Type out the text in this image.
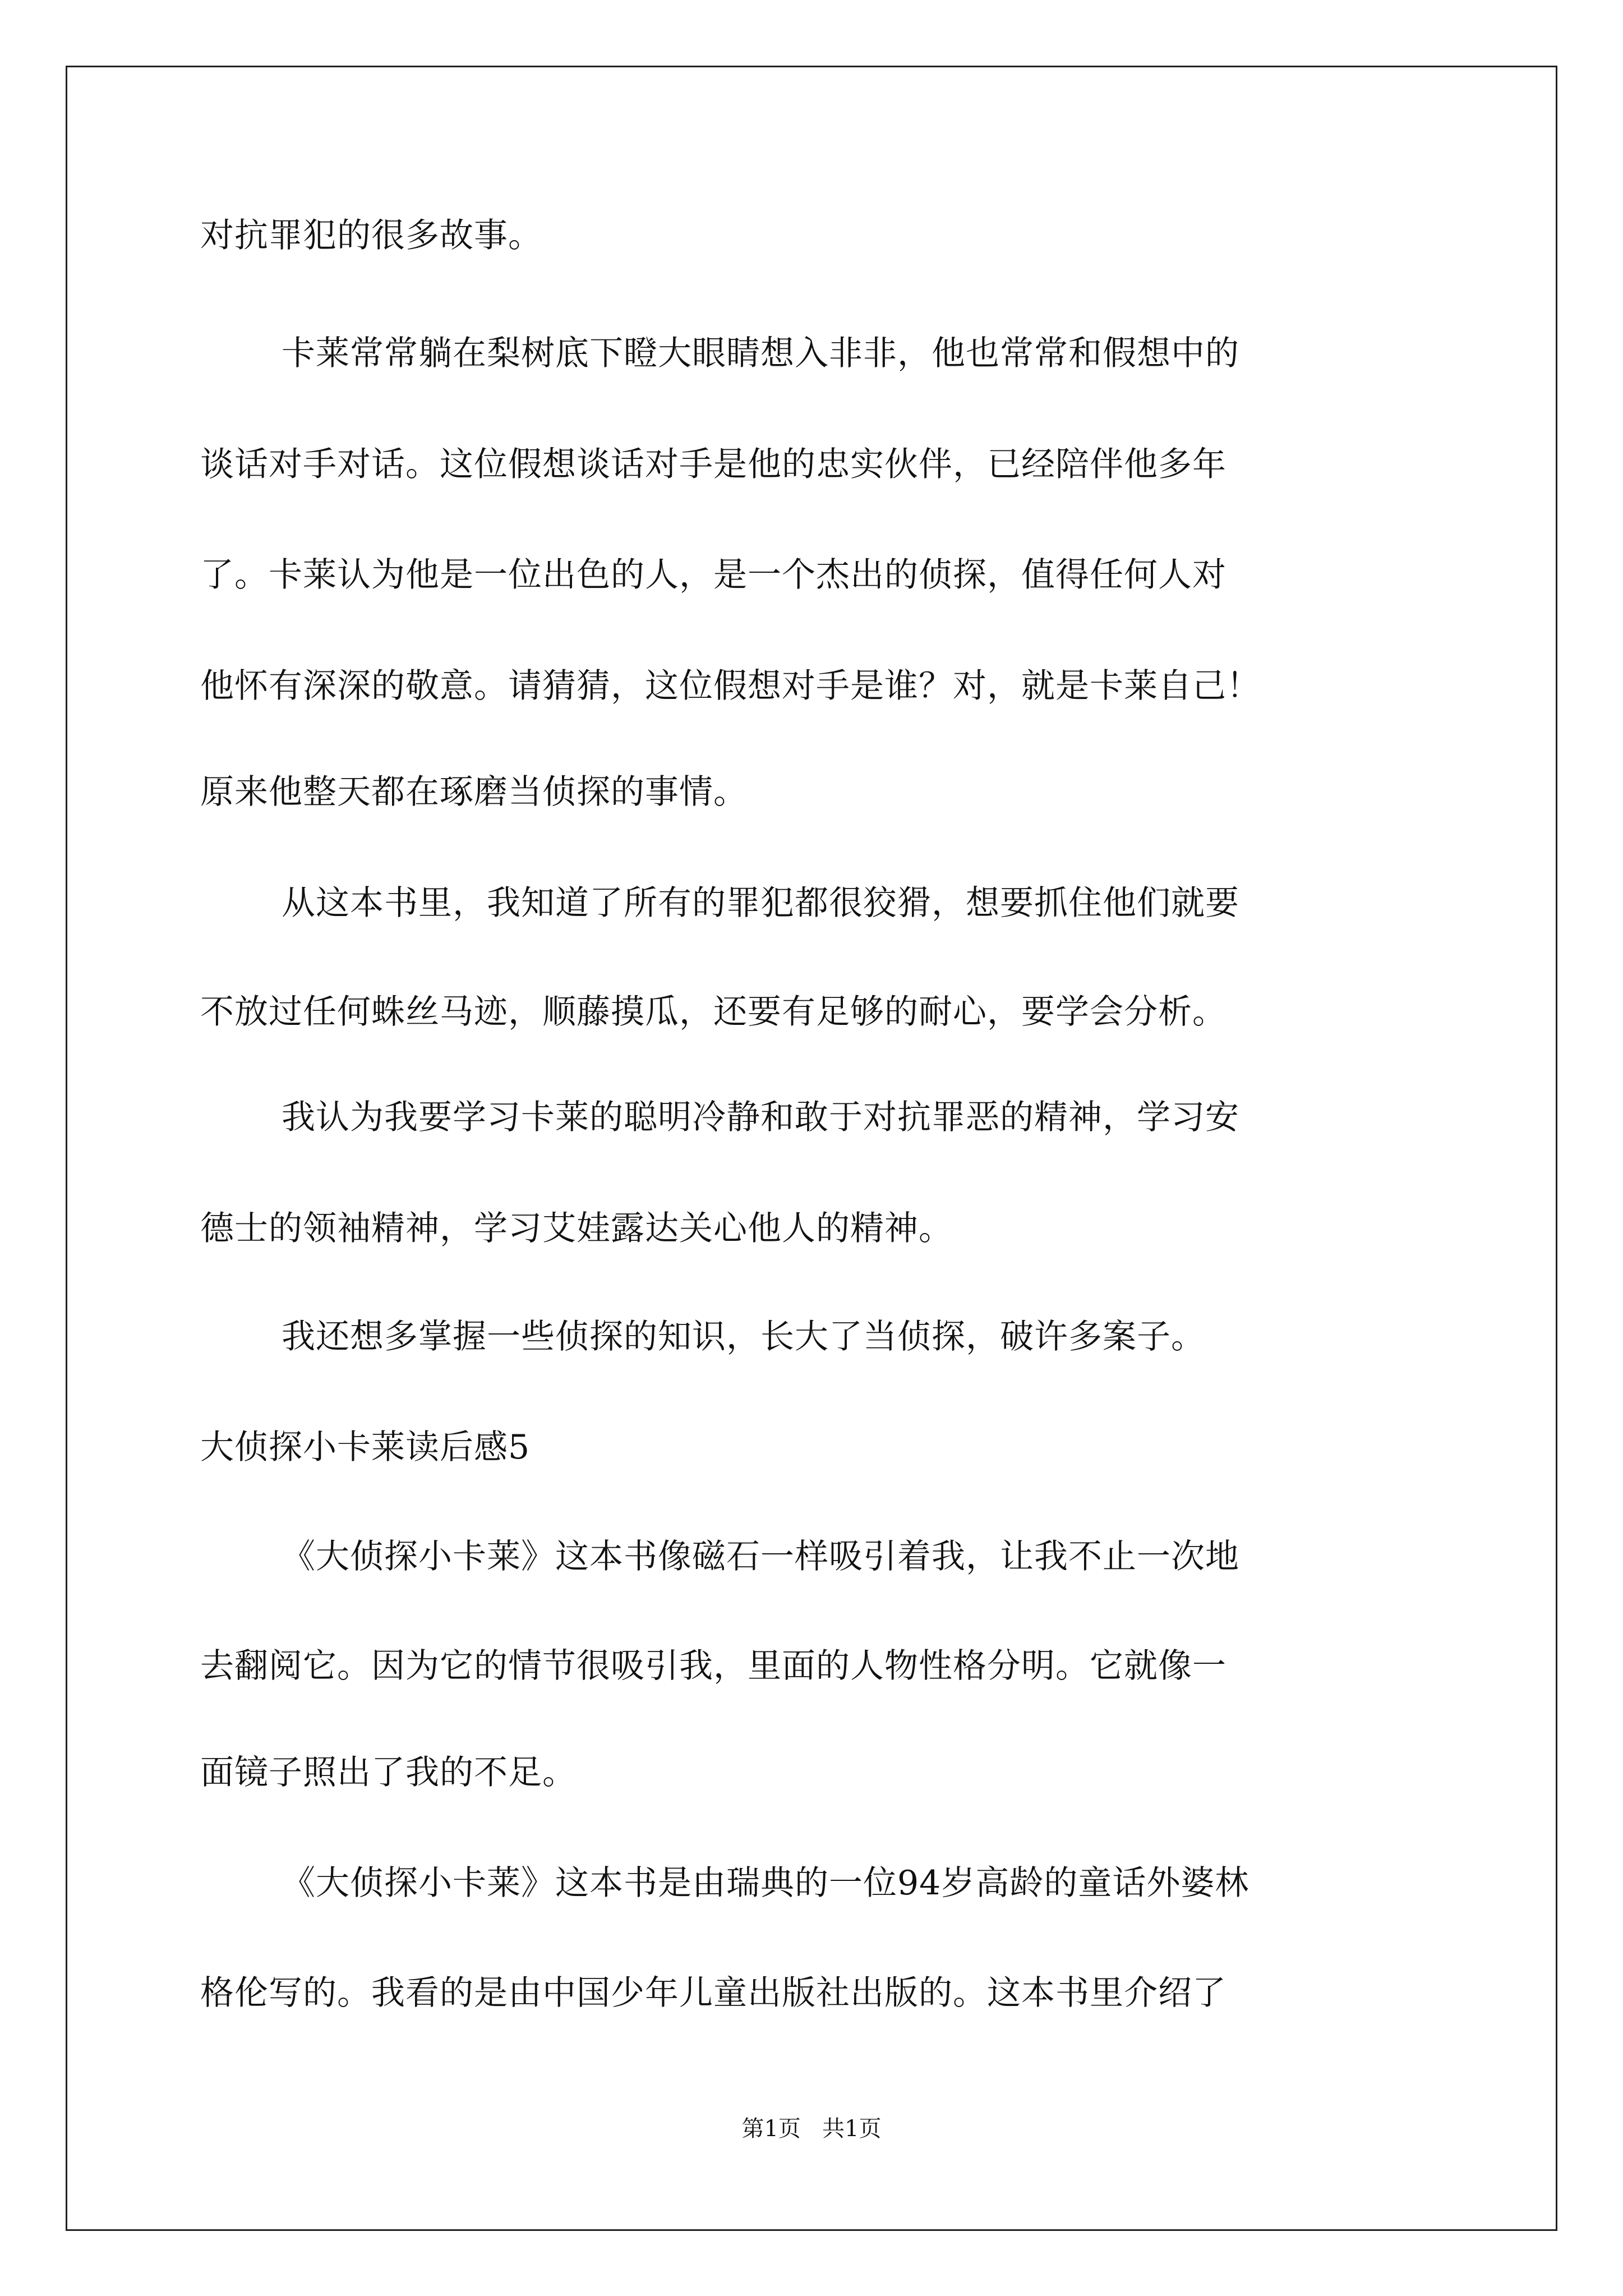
对抗罪犯的很多故事。
卡莱常常躺在梨树底下瞪大眼睛想入非非，他也常常和假想中的
谈话对手对话。这位假想谈话对手是他的忠实伙伴，已经陪伴他多年
了。卡莱认为他是一位出色的人，是一个杰出的侦探，值得任何人对
他怀有深深的敬意。请猜猜，这位假想对手是谁？对，就是卡莱自己！
原来他整天都在琢磨当侦探的事情。
从这本书里，我知道了所有的罪犯都很狡猾，想要抓住他们就要
不放过任何蛛丝马迹，顺藤摸瓜，还要有足够的耐心，要学会分析。
我认为我要学习卡莱的聪明冷静和敢于对抗罪恶的精神，学习安
德士的领袖精神，学习艾娃露达关心他人的精神。
我还想多掌握一些侦探的知识，长大了当侦探，破许多案子。
大侦探小卡莱读后感5
《大侦探小卡莱》这本书像磁石一样吸引着我，让我不止一次地
去翻阅它。因为它的情节很吸引我，里面的人物性格分明。它就像一
面镜子照出了我的不足。
《大侦探小卡莱》这本书是由瑞典的一位94岁高龄的童话外婆林
格伦写的。我看的是由中国少年儿童出版社出版的。这本书里介绍了
第1页   共1页
